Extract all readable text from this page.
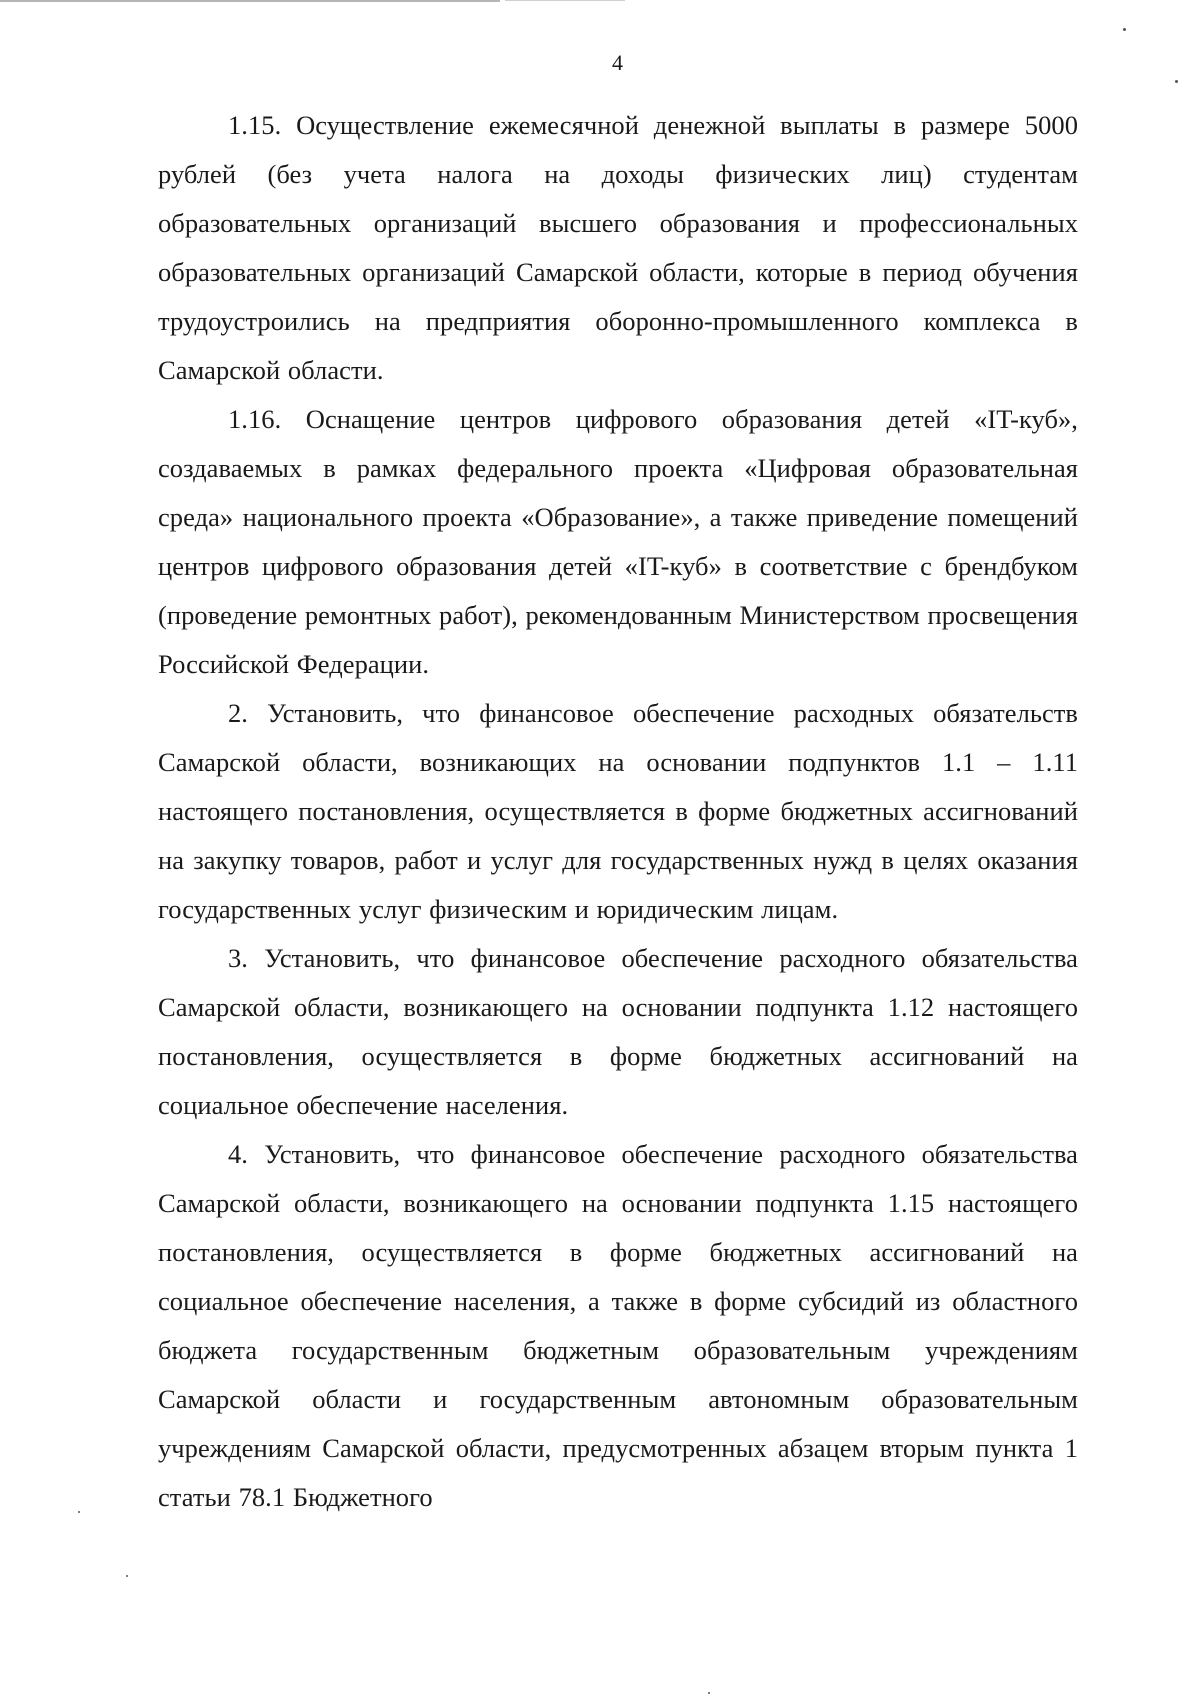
4

1.15. Осуществление ежемесячной денежной выплаты в размере 5000 рублей (без учета налога на доходы физических лиц) студентам образовательных организаций высшего образования и профессиональных образовательных организаций Самарской области, которые в период обучения трудоустроились на предприятия оборонно-промышленного комплекса в Самарской области.

1.16. Оснащение центров цифрового образования детей «IT-куб», создаваемых в рамках федерального проекта «Цифровая образовательная среда» национального проекта «Образование», а также приведение помещений центров цифрового образования детей «IT-куб» в соответствие с брендбуком (проведение ремонтных работ), рекомендованным Министерством просвещения Российской Федерации.

2. Установить, что финансовое обеспечение расходных обязательств Самарской области, возникающих на основании подпунктов 1.1 – 1.11 настоящего постановления, осуществляется в форме бюджетных ассигнований на закупку товаров, работ и услуг для государственных нужд в целях оказания государственных услуг физическим и юридическим лицам.

3. Установить, что финансовое обеспечение расходного обязательства Самарской области, возникающего на основании подпункта 1.12 настоящего постановления, осуществляется в форме бюджетных ассигнований на социальное обеспечение населения.

4. Установить, что финансовое обеспечение расходного обязательства Самарской области, возникающего на основании подпункта 1.15 настоящего постановления, осуществляется в форме бюджетных ассигнований на социальное обеспечение населения, а также в форме субсидий из областного бюджета государственным бюджетным образовательным учреждениям Самарской области и государственным автономным образовательным учреждениям Самарской области, предусмотренных абзацем вторым пункта 1 статьи 78.1 Бюджетного
